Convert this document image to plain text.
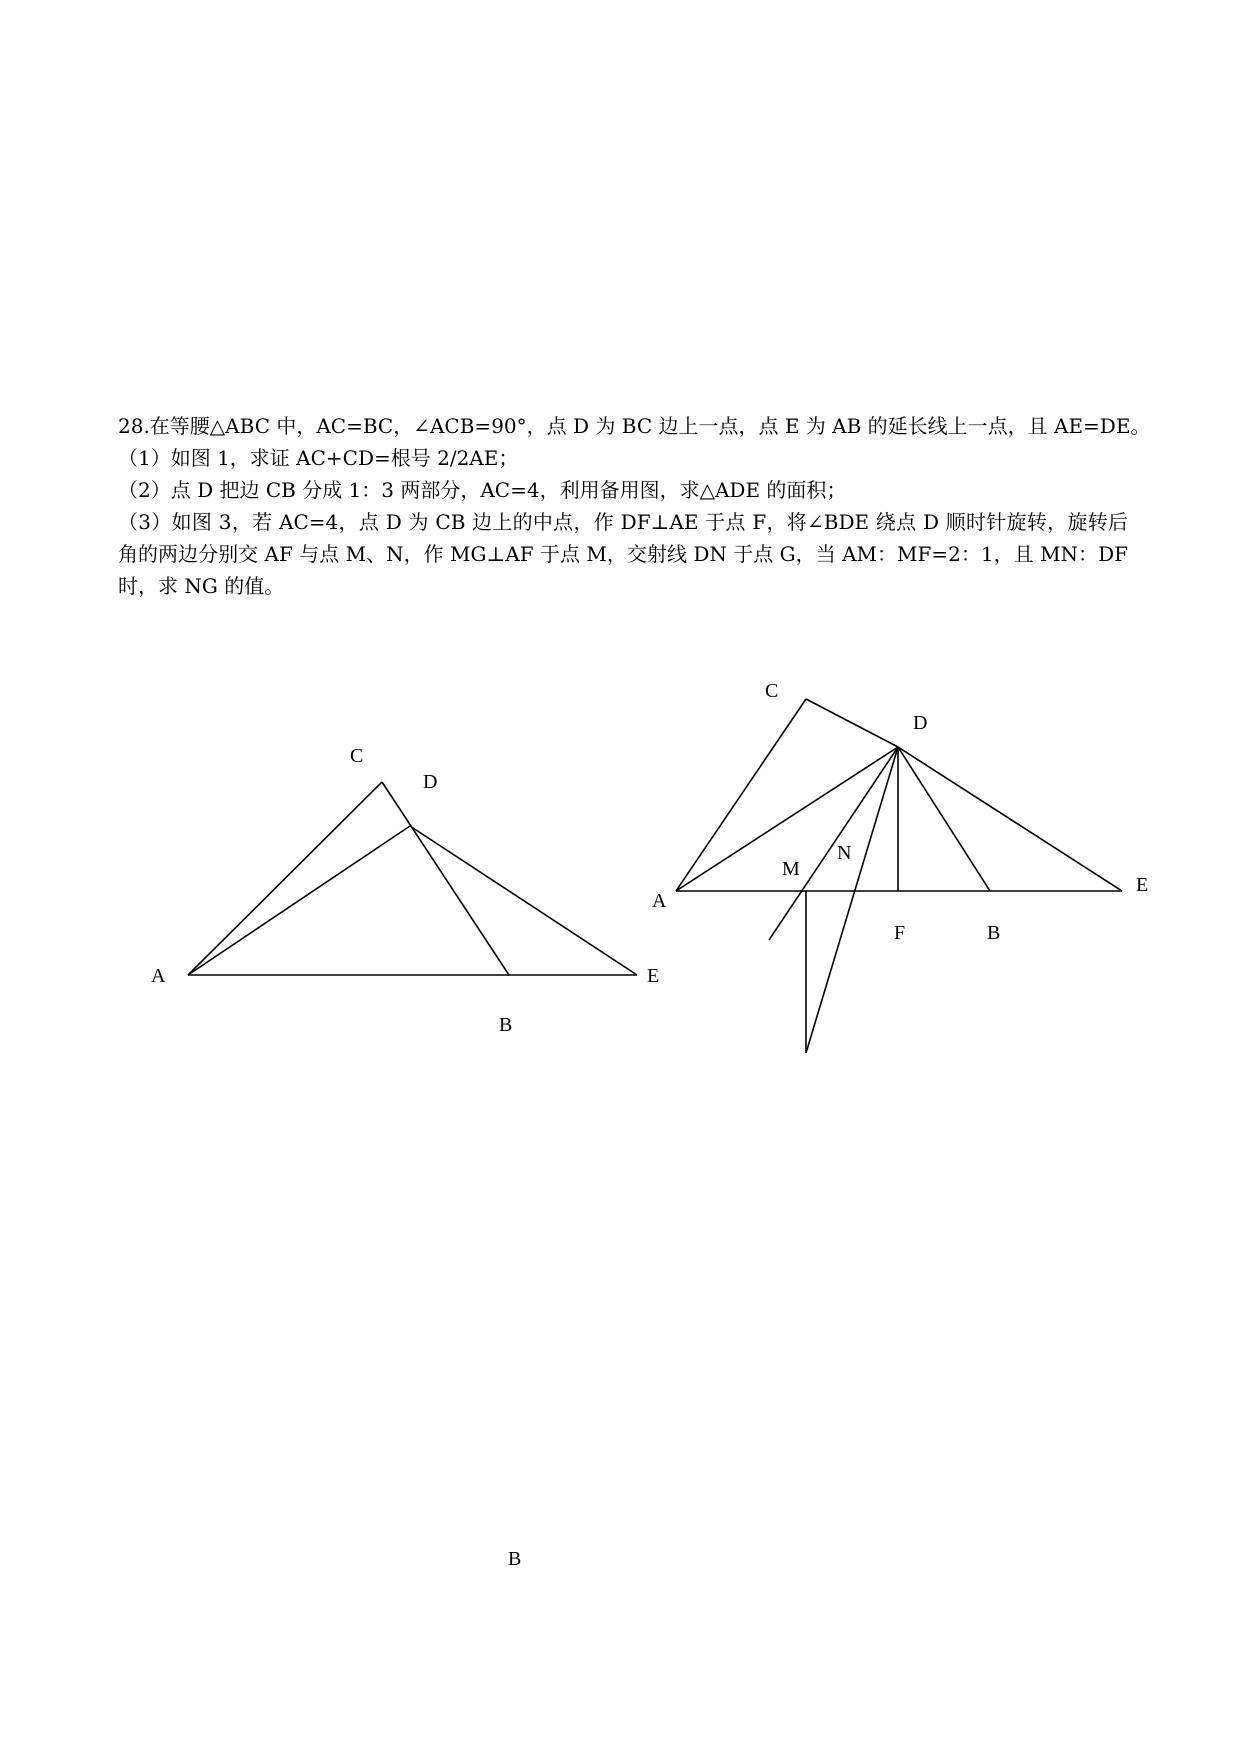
28.在等腰△ABC 中，AC=BC，∠ACB=90°，点 D 为 BC 边上一点，点 E 为 AB 的延长线上一点，且 AE=DE。

（1）如图 1，求证 AC+CD=根号 2/2AE；

（2）点 D 把边 CB 分成 1：3 两部分，AC=4，利用备用图，求△ADE 的面积；

（3）如图 3，若 AC=4，点 D 为 CB 边上的中点，作 DF⊥AE 于点 F，将∠BDE 绕点 D 顺时针旋转，旋转后角的两边分别交 AF 与点 M、N，作 MG⊥AF 于点 M，交射线 DN 于点 G，当 AM：MF=2：1，且 MN：DF 时，求 NG 的值。

A
B
C
D
E
A
B
C
D
E
F
M
N
B
